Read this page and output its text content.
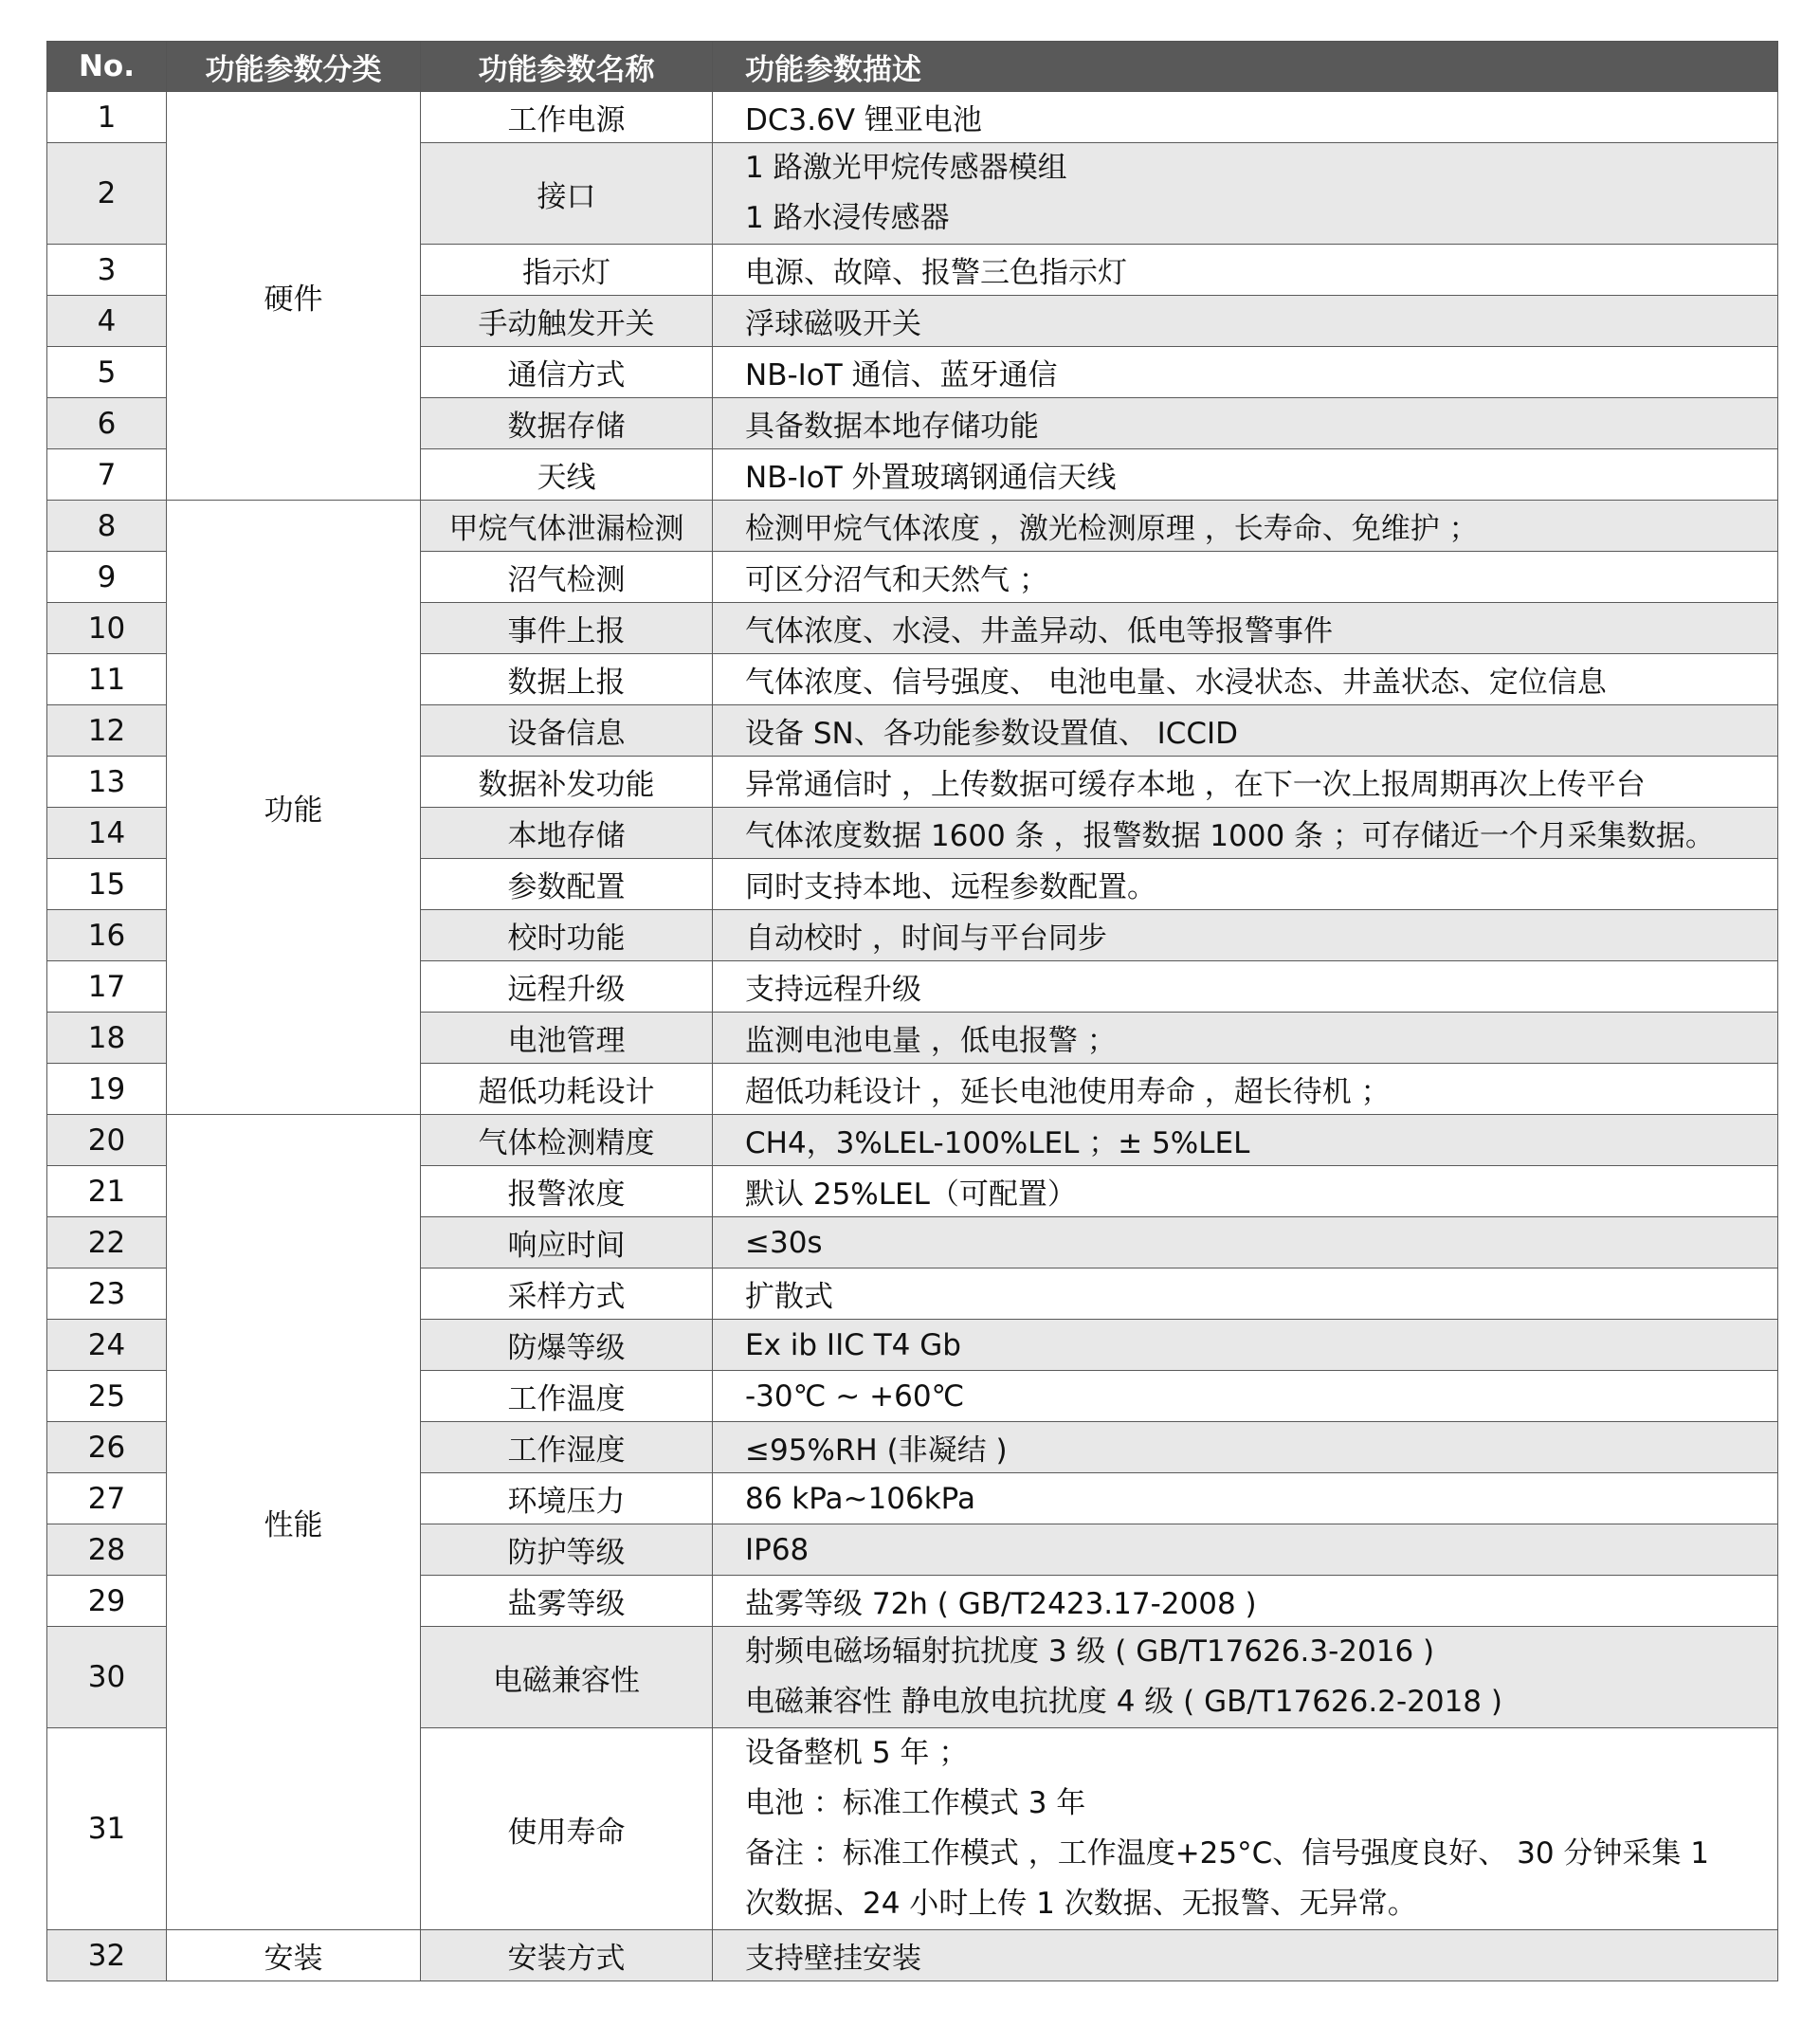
No.	功能参数分类	功能参数名称	功能参数描述
1	硬件	工作电源	DC3.6V 锂亚电池
2		接口	1 路激光甲烷传感器模组
1 路水浸传感器

3		指示灯	电源、故障、报警三色指示灯
4		手动触发开关	浮球磁吸开关
5		通信方式	NB-IoT 通信、蓝牙通信
6		数据存储	具备数据本地存储功能
7		天线	NB-IoT 外置玻璃钢通信天线
8	功能	甲烷气体泄漏检测	检测甲烷气体浓度 ，激光检测原理 ，长寿命、免维护 ；
9		沼气检测	可区分沼气和天然气 ；
10		事件上报	气体浓度、水浸、井盖异动、低电等报警事件
11		数据上报	气体浓度、信号强度、 电池电量、水浸状态、井盖状态、定位信息
12		设备信息	设备 SN、各功能参数设置值、 ICCID
13		数据补发功能	异常通信时 ，上传数据可缓存本地 ，在下一次上报周期再次上传平台
14		本地存储	气体浓度数据 1600 条 ，报警数据 1000 条 ；可存储近一个月采集数据。
15		参数配置	同时支持本地、远程参数配置。
16		校时功能	自动校时 ，时间与平台同步
17		远程升级	支持远程升级
18		电池管理	监测电池电量 ，低电报警 ；
19		超低功耗设计	超低功耗设计 ，延长电池使用寿命 ，超长待机 ；
20	性能	气体检测精度	CH4，3%LEL-100%LEL ；± 5%LEL
21		报警浓度	默认 25%LEL（可配置）
22		响应时间	≤30s
23		采样方式	扩散式
24		防爆等级	Ex ib IIC T4 Gb
25		工作温度	-30℃ ~ +60℃
26		工作湿度	≤95%RH (非凝结 )
27		环境压力	86 kPa~106kPa
28		防护等级	IP68
29		盐雾等级	盐雾等级 72h ( GB/T2423.17-2008 )
30		电磁兼容性	射频电磁场辐射抗扰度 3 级 ( GB/T17626.3-2016 )
电磁兼容性 静电放电抗扰度 4 级 ( GB/T17626.2-2018 )

31		使用寿命	设备整机 5 年 ；
电池 ：标准工作模式 3 年
备注 ：标准工作模式 ，工作温度+25°C、信号强度良好、 30 分钟采集 1
次数据、24 小时上传 1 次数据、无报警、无异常。

32	安装	安装方式	支持壁挂安装
